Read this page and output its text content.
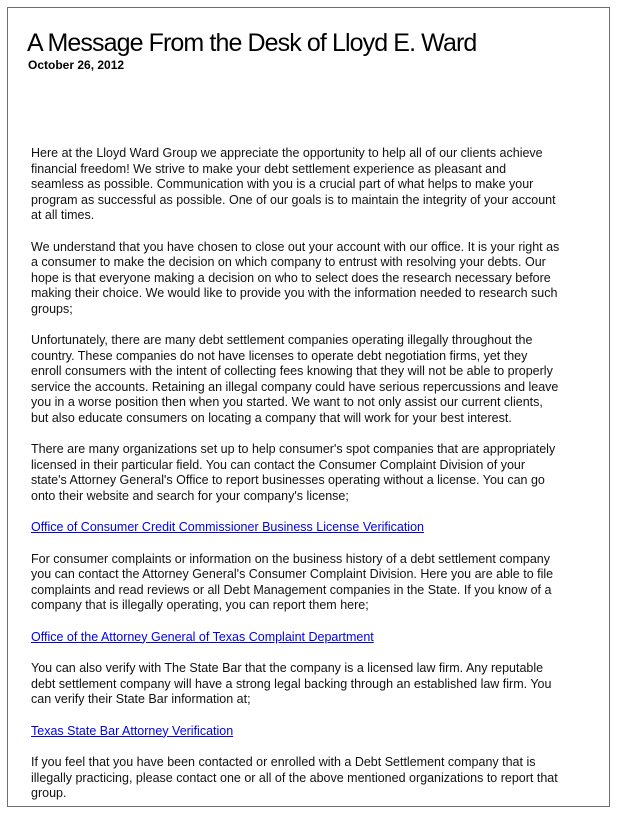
A Message From the Desk of Lloyd E. Ward
October 26, 2012

Here at the Lloyd Ward Group we appreciate the opportunity to help all of our clients achieve
financial freedom! We strive to make your debt settlement experience as pleasant and
seamless as possible. Communication with you is a crucial part of what helps to make your
program as successful as possible. One of our goals is to maintain the integrity of your account
at all times.

We understand that you have chosen to close out your account with our office. It is your right as
a consumer to make the decision on which company to entrust with resolving your debts. Our
hope is that everyone making a decision on who to select does the research necessary before
making their choice. We would like to provide you with the information needed to research such
groups;

Unfortunately, there are many debt settlement companies operating illegally throughout the
country. These companies do not have licenses to operate debt negotiation firms, yet they
enroll consumers with the intent of collecting fees knowing that they will not be able to properly
service the accounts. Retaining an illegal company could have serious repercussions and leave
you in a worse position then when you started. We want to not only assist our current clients,
but also educate consumers on locating a company that will work for your best interest.

There are many organizations set up to help consumer's spot companies that are appropriately
licensed in their particular field. You can contact the Consumer Complaint Division of your
state's Attorney General's Office to report businesses operating without a license. You can go
onto their website and search for your company's license;

Office of Consumer Credit Commissioner Business License Verification

For consumer complaints or information on the business history of a debt settlement company
you can contact the Attorney General's Consumer Complaint Division. Here you are able to file
complaints and read reviews or all Debt Management companies in the State. If you know of a
company that is illegally operating, you can report them here;

Office of the Attorney General of Texas Complaint Department

You can also verify with The State Bar that the company is a licensed law firm. Any reputable
debt settlement company will have a strong legal backing through an established law firm. You
can verify their State Bar information at;

Texas State Bar Attorney Verification

If you feel that you have been contacted or enrolled with a Debt Settlement company that is
illegally practicing, please contact one or all of the above mentioned organizations to report that
group.
